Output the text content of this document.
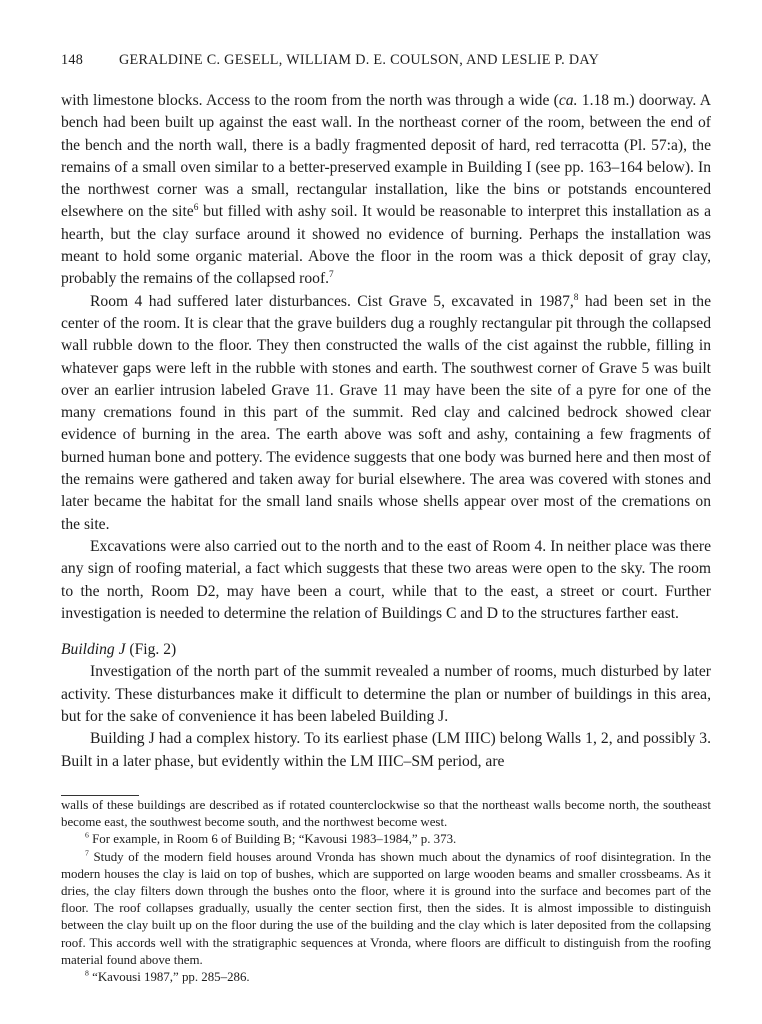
148	GERALDINE C. GESELL, WILLIAM D. E. COULSON, AND LESLIE P. DAY

with limestone blocks. Access to the room from the north was through a wide (ca. 1.18 m.) doorway. A bench had been built up against the east wall. In the northeast corner of the room, between the end of the bench and the north wall, there is a badly fragmented deposit of hard, red terracotta (Pl. 57:a), the remains of a small oven similar to a better-preserved example in Building I (see pp. 163–164 below). In the northwest corner was a small, rectangular installation, like the bins or potstands encountered elsewhere on the site$^6$ but filled with ashy soil. It would be reasonable to interpret this installation as a hearth, but the clay surface around it showed no evidence of burning. Perhaps the installation was meant to hold some organic material. Above the floor in the room was a thick deposit of gray clay, probably the remains of the collapsed roof.$^7$

Room 4 had suffered later disturbances. Cist Grave 5, excavated in 1987,$^8$ had been set in the center of the room. It is clear that the grave builders dug a roughly rectangular pit through the collapsed wall rubble down to the floor. They then constructed the walls of the cist against the rubble, filling in whatever gaps were left in the rubble with stones and earth. The southwest corner of Grave 5 was built over an earlier intrusion labeled Grave 11. Grave 11 may have been the site of a pyre for one of the many cremations found in this part of the summit. Red clay and calcined bedrock showed clear evidence of burning in the area. The earth above was soft and ashy, containing a few fragments of burned human bone and pottery. The evidence suggests that one body was burned here and then most of the remains were gathered and taken away for burial elsewhere. The area was covered with stones and later became the habitat for the small land snails whose shells appear over most of the cremations on the site.

Excavations were also carried out to the north and to the east of Room 4. In neither place was there any sign of roofing material, a fact which suggests that these two areas were open to the sky. The room to the north, Room D2, may have been a court, while that to the east, a street or court. Further investigation is needed to determine the relation of Buildings C and D to the structures farther east.

Building J (Fig. 2)

Investigation of the north part of the summit revealed a number of rooms, much disturbed by later activity. These disturbances make it difficult to determine the plan or number of buildings in this area, but for the sake of convenience it has been labeled Building J.

Building J had a complex history. To its earliest phase (LM IIIC) belong Walls 1, 2, and possibly 3. Built in a later phase, but evidently within the LM IIIC–SM period, are

walls of these buildings are described as if rotated counterclockwise so that the northeast walls become north, the southeast become east, the southwest become south, and the northwest become west.

$^6$ For example, in Room 6 of Building B; “Kavousi 1983–1984,” p. 373.

$^7$ Study of the modern field houses around Vronda has shown much about the dynamics of roof disintegration. In the modern houses the clay is laid on top of bushes, which are supported on large wooden beams and smaller crossbeams. As it dries, the clay filters down through the bushes onto the floor, where it is ground into the surface and becomes part of the floor. The roof collapses gradually, usually the center section first, then the sides. It is almost impossible to distinguish between the clay built up on the floor during the use of the building and the clay which is later deposited from the collapsing roof. This accords well with the stratigraphic sequences at Vronda, where floors are difficult to distinguish from the roofing material found above them.

$^8$ “Kavousi 1987,” pp. 285–286.
